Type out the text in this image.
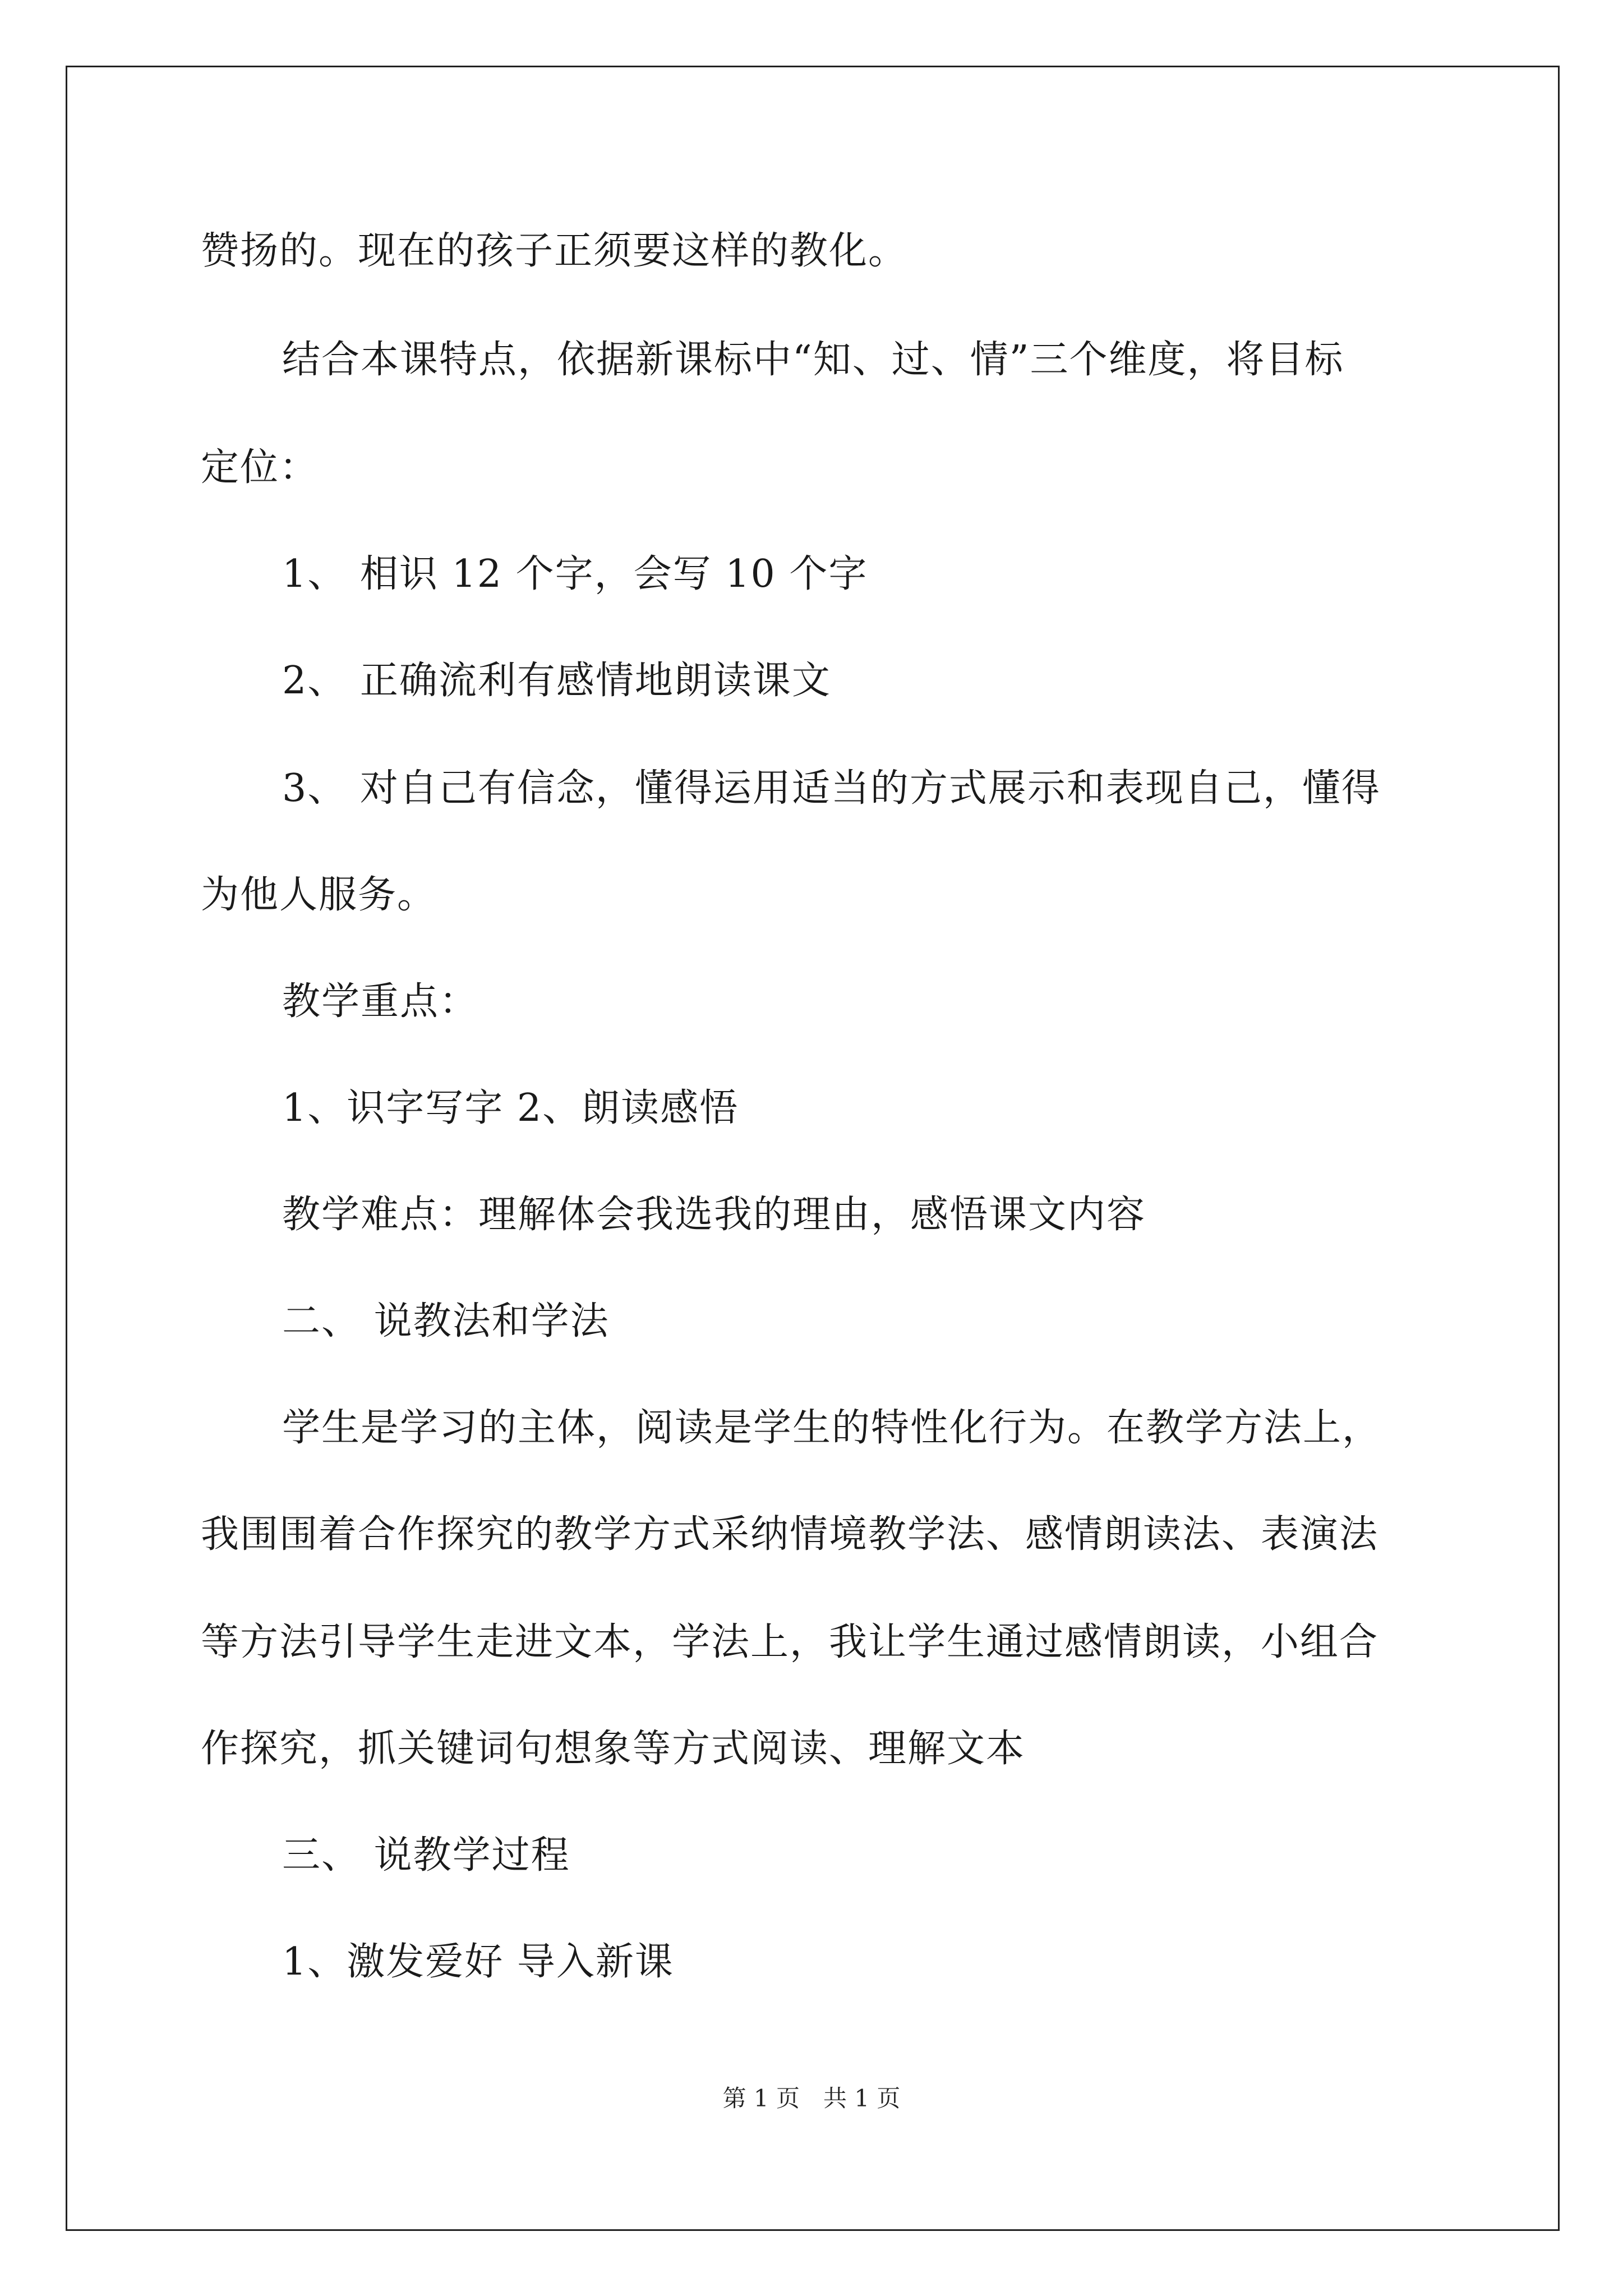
赞扬的。现在的孩子正须要这样的教化。
结合本课特点，依据新课标中“知、过、情”三个维度，将目标
定位：
1、 相识 12 个字，会写 10 个字
2、 正确流利有感情地朗读课文
3、 对自己有信念，懂得运用适当的方式展示和表现自己，懂得
为他人服务。
教学重点：
1、识字写字 2、朗读感悟
教学难点：理解体会我选我的理由，感悟课文内容
二、 说教法和学法
学生是学习的主体，阅读是学生的特性化行为。在教学方法上，
我围围着合作探究的教学方式采纳情境教学法、感情朗读法、表演法
等方法引导学生走进文本，学法上，我让学生通过感情朗读，小组合
作探究，抓关键词句想象等方式阅读、理解文本
三、 说教学过程
1、激发爱好 导入新课
第 1 页　共 1 页
